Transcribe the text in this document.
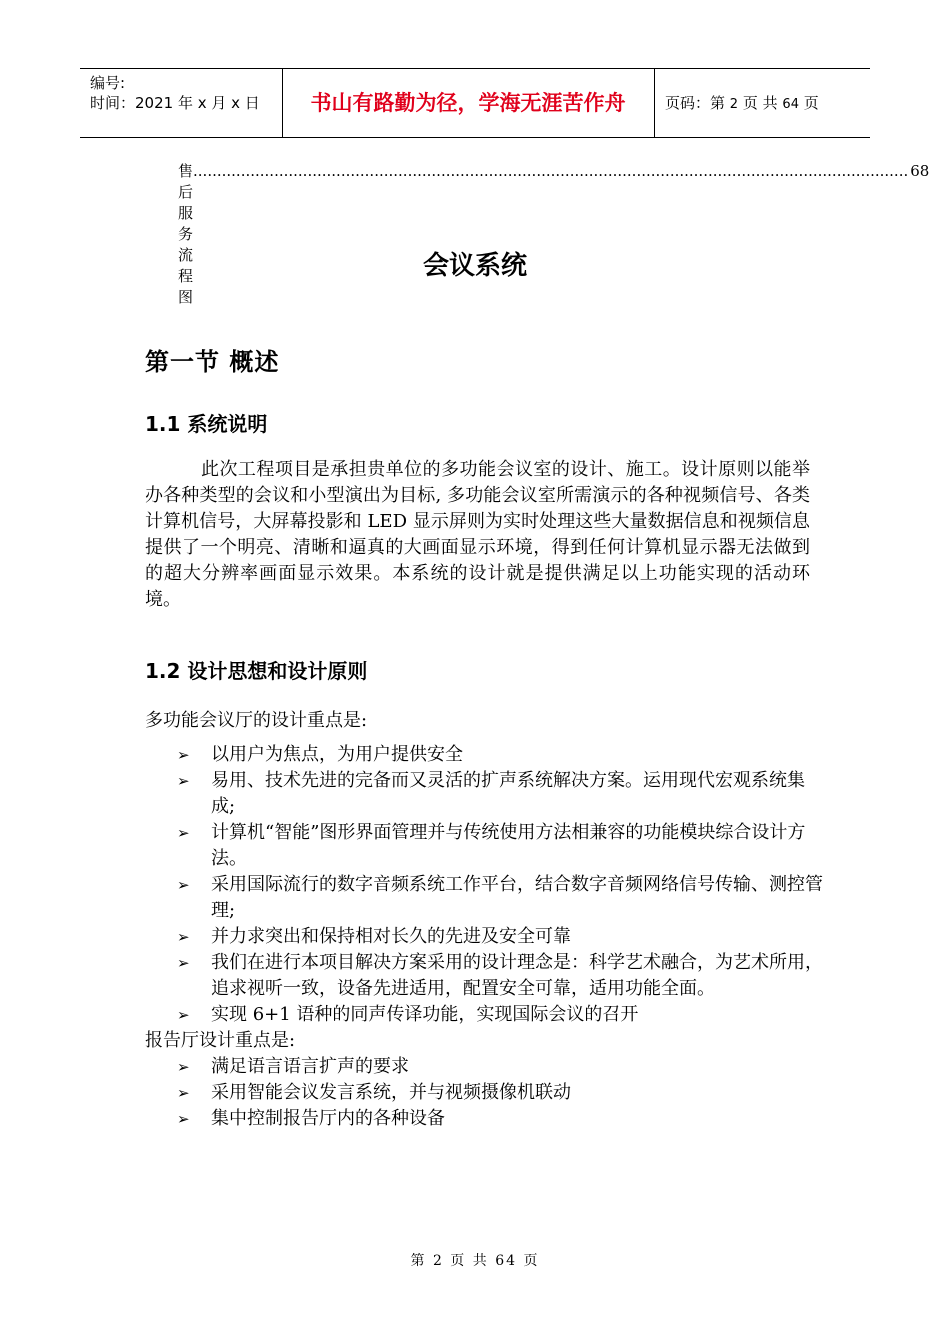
编号:
时间：2021 年 x 月 x 日	书山有路勤为径，学海无涯苦作舟	页码：第 2 页 共 64 页
售后服务流程图
...................................................................................................................................................... 68
会议系统
第一节 概述
1.1 系统说明

此次工程项目是承担贵单位的多功能会议室的设计、施工。设计原则以能举办各种类型的会议和小型演出为目标, 多功能会议室所需演示的各种视频信号、各类计算机信号，大屏幕投影和 LED 显示屏则为实时处理这些大量数据信息和视频信息提供了一个明亮、清晰和逼真的大画面显示环境，得到任何计算机显示器无法做到的超大分辨率画面显示效果。本系统的设计就是提供满足以上功能实现的活动环境。

1.2 设计思想和设计原则
多功能会议厅的设计重点是:
➢ 以用户为焦点，为用户提供安全
➢ 易用、技术先进的完备而又灵活的扩声系统解决方案。运用现代宏观系统集成;
➢ 计算机“智能”图形界面管理并与传统使用方法相兼容的功能模块综合设计方法。
➢ 采用国际流行的数字音频系统工作平台，结合数字音频网络信号传输、测控管理;
➢ 并力求突出和保持相对长久的先进及安全可靠
➢ 我们在进行本项目解决方案采用的设计理念是：科学艺术融合，为艺术所用，追求视听一致，设备先进适用，配置安全可靠，适用功能全面。
➢ 实现 6+1 语种的同声传译功能，实现国际会议的召开
报告厅设计重点是:
➢ 满足语言语言扩声的要求
➢ 采用智能会议发言系统，并与视频摄像机联动
➢ 集中控制报告厅内的各种设备
第 2 页 共 64 页
